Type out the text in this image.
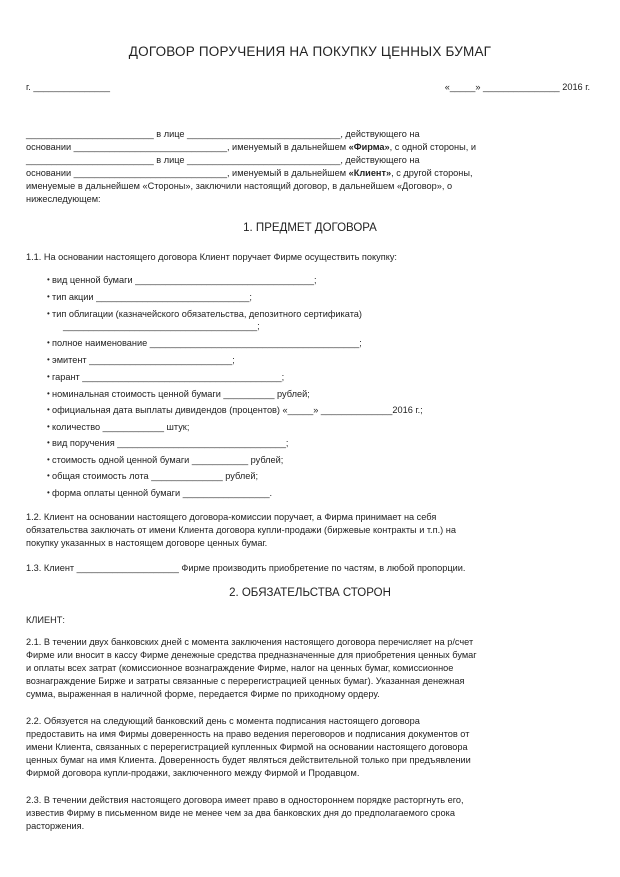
ДОГОВОР ПОРУЧЕНИЯ НА ПОКУПКУ ЦЕННЫХ БУМАГ
г. _______________	«_____» _______________ 2016 г.
_________________________ в лице ______________________________, действующего на
основании ______________________________, именуемый в дальнейшем «Фирма», с одной стороны, и
_________________________ в лице ______________________________, действующего на
основании ______________________________, именуемый в дальнейшем «Клиент», с другой стороны,
именуемые в дальнейшем «Стороны», заключили настоящий договор, в дальнейшем «Договор», о
нижеследующем:
1. ПРЕДМЕТ ДОГОВОРА
1.1. На основании настоящего договора Клиент поручает Фирме осуществить покупку:
• вид ценной бумаги ___________________________________;
• тип акции ______________________________;
• тип облигации (казначейского обязательства, депозитного сертификата)
______________________________________;
• полное наименование _________________________________________;
• эмитент ____________________________;
• гарант _______________________________________;
• номинальная стоимость ценной бумаги __________ рублей;
• официальная дата выплаты дивидендов (процентов) «_____» ______________2016 г.;
• количество ____________ штук;
• вид поручения _________________________________;
• стоимость одной ценной бумаги ___________ рублей;
• общая стоимость лота ______________ рублей;
• форма оплаты ценной бумаги _________________.
1.2. Клиент на основании настоящего договора-комиссии поручает, а Фирма принимает на себя
обязательства заключать от имени Клиента договора купли-продажи (биржевые контракты и т.п.) на
покупку указанных в настоящем договоре ценных бумаг.
1.3. Клиент ____________________ Фирме производить приобретение по частям, в любой пропорции.
2. ОБЯЗАТЕЛЬСТВА СТОРОН
КЛИЕНТ:
2.1. В течении двух банковских дней с момента заключения настоящего договора перечисляет на р/счет
Фирме или вносит в кассу Фирме денежные средства предназначенные для приобретения ценных бумаг
и оплаты всех затрат (комиссионное вознаграждение Фирме, налог на ценных бумаг, комиссионное
вознаграждение Бирже и затраты связанные с перерегистрацией ценных бумаг). Указанная денежная
сумма, выраженная в наличной форме, передается Фирме по приходному ордеру.
2.2. Обязуется на следующий банковский день с момента подписания настоящего договора
предоставить на имя Фирмы доверенность на право ведения переговоров и подписания документов от
имени Клиента, связанных с перерегистрацией купленных Фирмой на основании настоящего договора
ценных бумаг на имя Клиента. Доверенность будет являться действительной только при предъявлении
Фирмой договора купли-продажи, заключенного между Фирмой и Продавцом.
2.3. В течении действия настоящего договора имеет право в одностороннем порядке расторгнуть его,
известив Фирму в письменном виде не менее чем за два банковских дня до предполагаемого срока
расторжения.
